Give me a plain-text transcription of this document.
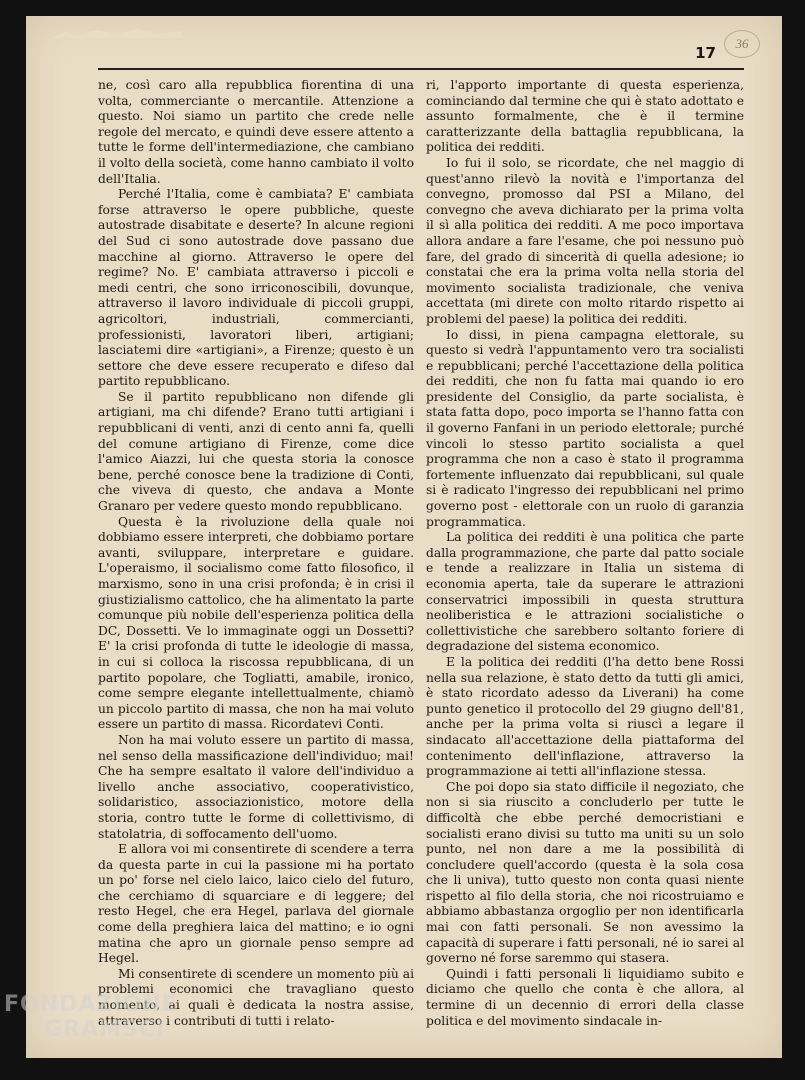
17
36

ne, così caro alla repubblica fiorentina di una volta, commerciante o mercantile. Attenzione a questo. Noi siamo un partito che crede nelle regole del mercato, e quindi deve essere attento a tutte le forme dell'intermediazione, che cambiano il volto della società, come hanno cambiato il volto dell'Italia.

Perché l'Italia, come è cambiata? E' cambiata forse attraverso le opere pubbliche, queste autostrade disabitate e deserte? In alcune regioni del Sud ci sono autostrade dove passano due macchine al giorno. Attraverso le opere del regime? No. E' cambiata attraverso i piccoli e medi centri, che sono irriconoscibili, dovunque, attraverso il lavoro individuale di piccoli gruppi, agricoltori, industriali, commercianti, professionisti, lavoratori liberi, artigiani; lasciatemi dire «artigiani», a Firenze; questo è un settore che deve essere recuperato e difeso dal partito repubblicano.

Se il partito repubblicano non difende gli artigiani, ma chi difende? Erano tutti artigiani i repubblicani di venti, anzi di cento anni fa, quelli del comune artigiano di Firenze, come dice l'amico Aiazzi, lui che questa storia la conosce bene, perché conosce bene la tradizione di Conti, che viveva di questo, che andava a Monte Granaro per vedere questo mondo repubblicano.

Questa è la rivoluzione della quale noi dobbiamo essere interpreti, che dobbiamo portare avanti, sviluppare, interpretare e guidare. L'operaismo, il socialismo come fatto filosofico, il marxismo, sono in una crisi profonda; è in crisi il giustizialismo cattolico, che ha alimentato la parte comunque più nobile dell'esperienza politica della DC, Dossetti. Ve lo immaginate oggi un Dossetti? E' la crisi profonda di tutte le ideologie di massa, in cui si colloca la riscossa repubblicana, di un partito popolare, che Togliatti, amabile, ironico, come sempre elegante intellettualmente, chiamò un piccolo partito di massa, che non ha mai voluto essere un partito di massa. Ricordatevi Conti.

Non ha mai voluto essere un partito di massa, nel senso della massificazione dell'individuo; mai! Che ha sempre esaltato il valore dell'individuo a livello anche associativo, cooperativistico, solidaristico, associazionistico, motore della storia, contro tutte le forme di collettivismo, di statolatria, di soffocamento dell'uomo.

E allora voi mi consentirete di scendere a terra da questa parte in cui la passione mi ha portato un po' forse nel cielo laico, laico cielo del futuro, che cerchiamo di squarciare e di leggere; del resto Hegel, che era Hegel, parlava del giornale come della preghiera laica del mattino; e io ogni matina che apro un giornale penso sempre ad Hegel.

Mi consentirete di scendere un momento più ai problemi economici che travagliano questo momento, ai quali è dedicata la nostra assise, attraverso i contributi di tutti i relato-

ri, l'apporto importante di questa esperienza, cominciando dal termine che qui è stato adottato e assunto formalmente, che è il termine caratterizzante della battaglia repubblicana, la politica dei redditi.

Io fui il solo, se ricordate, che nel maggio di quest'anno rilevò la novità e l'importanza del convegno, promosso dal PSI a Milano, del convegno che aveva dichiarato per la prima volta il sì alla politica dei redditi. A me poco importava allora andare a fare l'esame, che poi nessuno può fare, del grado di sincerità di quella adesione; io constatai che era la prima volta nella storia del movimento socialista tradizionale, che veniva accettata (mi direte con molto ritardo rispetto ai problemi del paese) la politica dei redditi.

Io dissi, in piena campagna elettorale, su questo si vedrà l'appuntamento vero tra socialisti e repubblicani; perché l'accettazione della politica dei redditi, che non fu fatta mai quando io ero presidente del Consiglio, da parte socialista, è stata fatta dopo, poco importa se l'hanno fatta con il governo Fanfani in un periodo elettorale; purché vincoli lo stesso partito socialista a quel programma che non a caso è stato il programma fortemente influenzato dai repubblicani, sul quale si è radicato l'ingresso dei repubblicani nel primo governo post - elettorale con un ruolo di garanzia programmatica.

La politica dei redditi è una politica che parte dalla programmazione, che parte dal patto sociale e tende a realizzare in Italia un sistema di economia aperta, tale da superare le attrazioni conservatrici impossibili in questa struttura neoliberistica e le attrazioni socialistiche o collettivistiche che sarebbero soltanto foriere di degradazione del sistema economico.

E la politica dei redditi (l'ha detto bene Rossi nella sua relazione, è stato detto da tutti gli amici, è stato ricordato adesso da Liverani) ha come punto genetico il protocollo del 29 giugno dell'81, anche per la prima volta si riuscì a legare il sindacato all'accettazione della piattaforma del contenimento dell'inflazione, attraverso la programmazione ai tetti all'inflazione stessa.

Che poi dopo sia stato difficile il negoziato, che non si sia riuscito a concluderlo per tutte le difficoltà che ebbe perché democristiani e socialisti erano divisi su tutto ma uniti su un solo punto, nel non dare a me la possibilità di concludere quell'accordo (questa è la sola cosa che li univa), tutto questo non conta quasi niente rispetto al filo della storia, che noi ricostruiamo e abbiamo abbastanza orgoglio per non identificarla mai con fatti personali. Se non avessimo la capacità di superare i fatti personali, né io sarei al governo né forse saremmo qui stasera.

Quindi i fatti personali li liquidiamo subito e diciamo che quello che conta è che allora, al termine di un decennio di errori della classe politica e del movimento sindacale in-

FONDAZIONE
GRAMSCI
